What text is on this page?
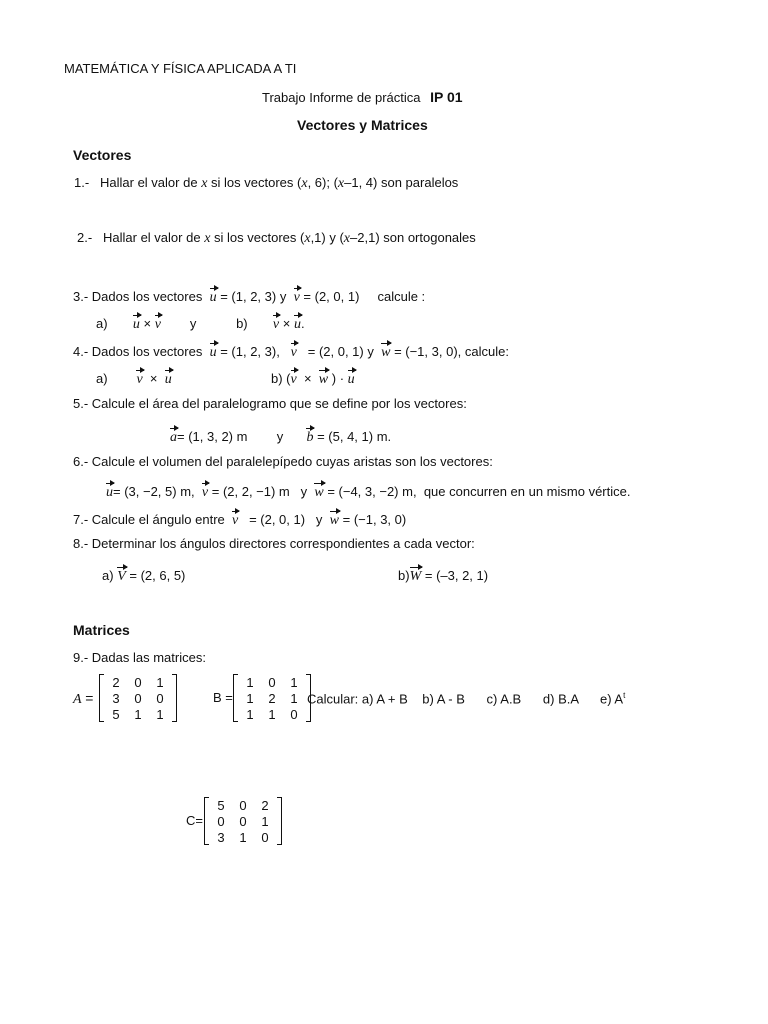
MATEMÁTICA Y FÍSICA APLICADA A TI
Trabajo Informe de práctica IP 01
Vectores y Matrices
Vectores
1.- Hallar el valor de x si los vectores (x, 6); (x–1, 4) son paralelos
2.- Hallar el valor de x si los vectores (x,1) y (x–2,1) son ortogonales
3.- Dados los vectores u = (1, 2, 3) y v = (2, 0, 1) calcule :
a) u × v y	b) v × u.
4.- Dados los vectores u = (1, 2, 3), v = (2, 0, 1) y w = (−1, 3, 0), calcule:
a) v × u	b) (v × w ) · u
5.- Calcule el área del paralelogramo que se define por los vectores:
a= (1, 3, 2) m y b = (5, 4, 1) m.
6.- Calcule el volumen del paralelepípedo cuyas aristas son los vectores:
u= (3, −2, 5) m, v = (2, 2, −1) m y w = (−4, 3, −2) m, que concurren en un mismo vértice.
7.- Calcule el ángulo entre v = (2, 0, 1) y w = (−1, 3, 0)
8.- Determinar los ángulos directores correspondientes a cada vector:
a) V = (2, 6, 5)	b)W = (–3, 2, 1)
Matrices
9.- Dadas las matrices:
A =
2	0	1
3	0	0
5	1	1
B =
1	0	1
1	2	1
1	1	0
Calcular: a) A + B    b) A - B      c) A.B      d) B.A      e) $A^t$
C=
5	0	2
0	0	1
3	1	0
